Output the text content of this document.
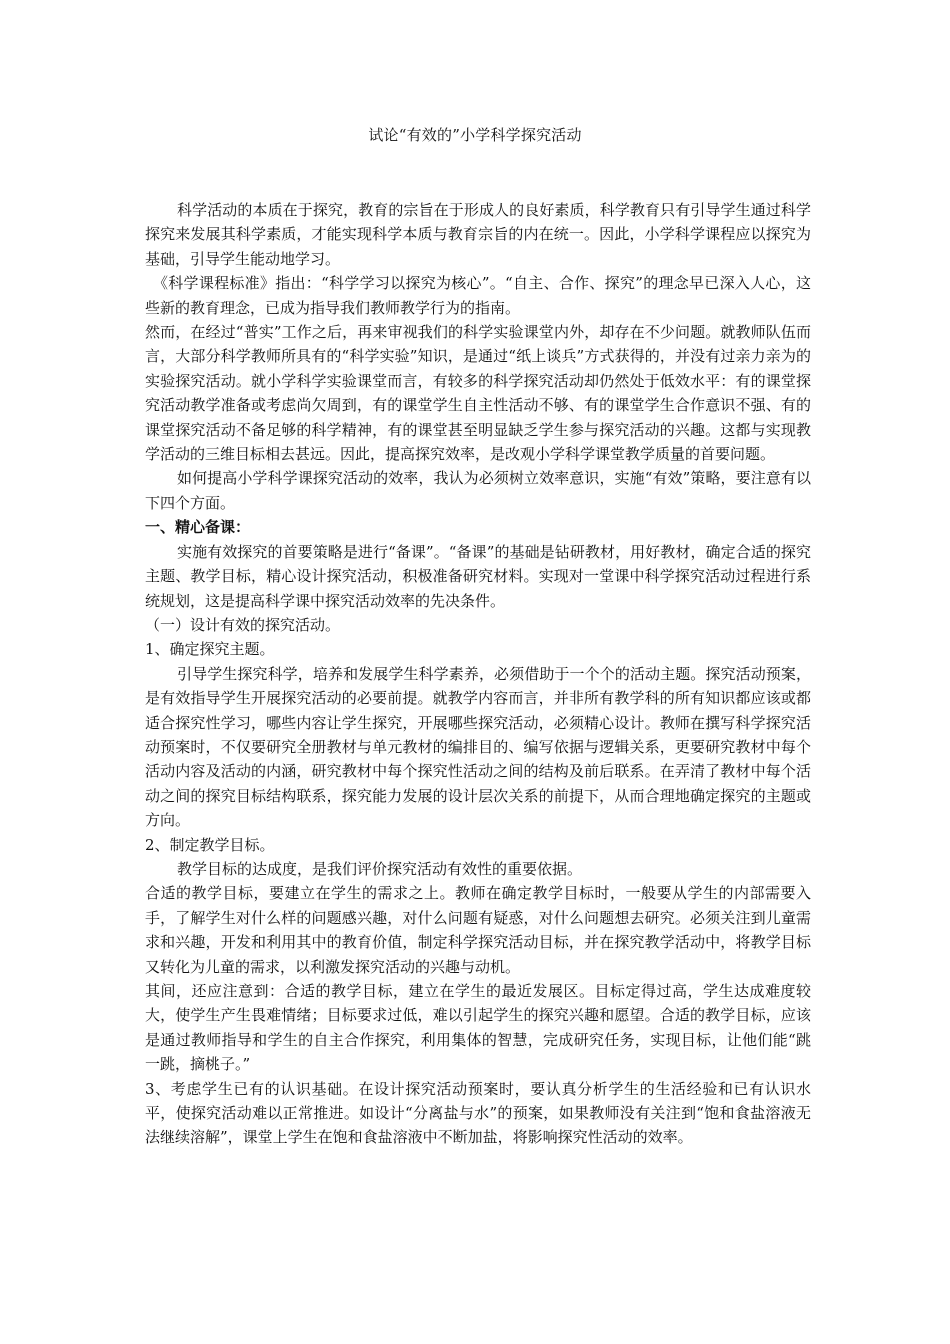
试论“有效的”小学科学探究活动

科学活动的本质在于探究，教育的宗旨在于形成人的良好素质，科学教育只有引导学生通过科学探究来发展其科学素质，才能实现科学本质与教育宗旨的内在统一。因此，小学科学课程应以探究为基础，引导学生能动地学习。

《科学课程标准》指出：“科学学习以探究为核心”。“自主、合作、探究”的理念早已深入人心，这些新的教育理念，已成为指导我们教师教学行为的指南。

然而，在经过“普实”工作之后，再来审视我们的科学实验课堂内外，却存在不少问题。就教师队伍而言，大部分科学教师所具有的“科学实验”知识，是通过“纸上谈兵”方式获得的，并没有过亲力亲为的实验探究活动。就小学科学实验课堂而言，有较多的科学探究活动却仍然处于低效水平：有的课堂探究活动教学准备或考虑尚欠周到，有的课堂学生自主性活动不够、有的课堂学生合作意识不强、有的课堂探究活动不备足够的科学精神，有的课堂甚至明显缺乏学生参与探究活动的兴趣。这都与实现教学活动的三维目标相去甚远。因此，提高探究效率，是改观小学科学课堂教学质量的首要问题。

如何提高小学科学课探究活动的效率，我认为必须树立效率意识，实施“有效”策略，要注意有以下四个方面。

一、精心备课：

实施有效探究的首要策略是进行“备课”。“备课”的基础是钻研教材，用好教材，确定合适的探究主题、教学目标，精心设计探究活动，积极准备研究材料。实现对一堂课中科学探究活动过程进行系统规划，这是提高科学课中探究活动效率的先决条件。

（一）设计有效的探究活动。

1、确定探究主题。

引导学生探究科学，培养和发展学生科学素养，必须借助于一个个的活动主题。探究活动预案，是有效指导学生开展探究活动的必要前提。就教学内容而言，并非所有教学科的所有知识都应该或都适合探究性学习，哪些内容让学生探究，开展哪些探究活动，必须精心设计。教师在撰写科学探究活动预案时，不仅要研究全册教材与单元教材的编排目的、编写依据与逻辑关系，更要研究教材中每个活动内容及活动的内涵，研究教材中每个探究性活动之间的结构及前后联系。在弄清了教材中每个活动之间的探究目标结构联系，探究能力发展的设计层次关系的前提下，从而合理地确定探究的主题或方向。

2、制定教学目标。

教学目标的达成度，是我们评价探究活动有效性的重要依据。

合适的教学目标，要建立在学生的需求之上。教师在确定教学目标时，一般要从学生的内部需要入手，了解学生对什么样的问题感兴趣，对什么问题有疑惑，对什么问题想去研究。必须关注到儿童需求和兴趣，开发和利用其中的教育价值，制定科学探究活动目标，并在探究教学活动中，将教学目标又转化为儿童的需求，以利激发探究活动的兴趣与动机。

其间，还应注意到：合适的教学目标，建立在学生的最近发展区。目标定得过高，学生达成难度较大，使学生产生畏难情绪；目标要求过低，难以引起学生的探究兴趣和愿望。合适的教学目标，应该是通过教师指导和学生的自主合作探究，利用集体的智慧，完成研究任务，实现目标，让他们能“跳一跳，摘桃子。”

3、考虑学生已有的认识基础。在设计探究活动预案时，要认真分析学生的生活经验和已有认识水平，使探究活动难以正常推进。如设计“分离盐与水”的预案，如果教师没有关注到“饱和食盐溶液无法继续溶解”，课堂上学生在饱和食盐溶液中不断加盐，将影响探究性活动的效率。
